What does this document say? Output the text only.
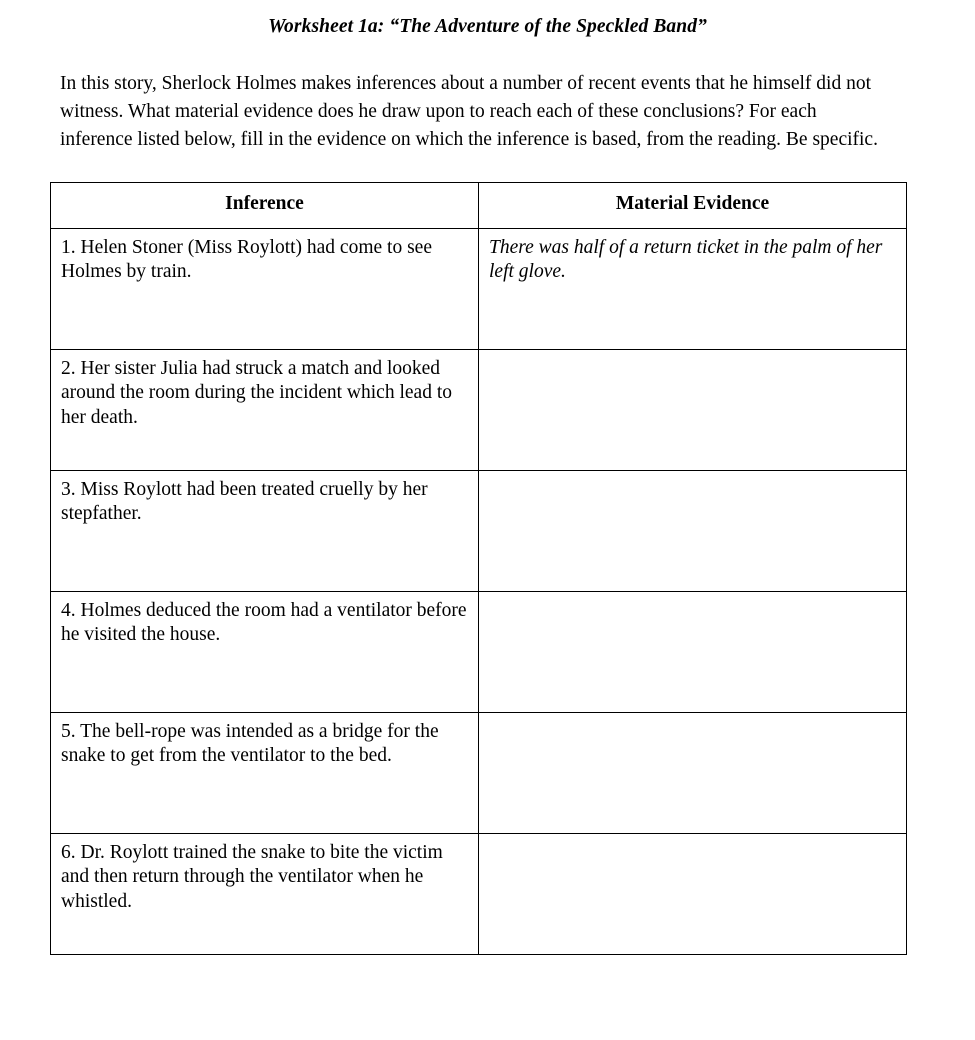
Worksheet 1a: “The Adventure of the Speckled Band”

In this story, Sherlock Holmes makes inferences about a number of recent events that he himself did not witness. What material evidence does he draw upon to reach each of these conclusions? For each inference listed below, fill in the evidence on which the inference is based, from the reading. Be specific.

Inference	Material Evidence

1. Helen Stoner (Miss Roylott) had come to see Holmes by train.	There was half of a return ticket in the palm of her left glove.

2. Her sister Julia had struck a match and looked around the room during the incident which lead to her death.	

3. Miss Roylott had been treated cruelly by her stepfather.	

4. Holmes deduced the room had a ventilator before he visited the house.	

5. The bell-rope was intended as a bridge for the snake to get from the ventilator to the bed.	

6. Dr. Roylott trained the snake to bite the victim and then return through the ventilator when he whistled.	
